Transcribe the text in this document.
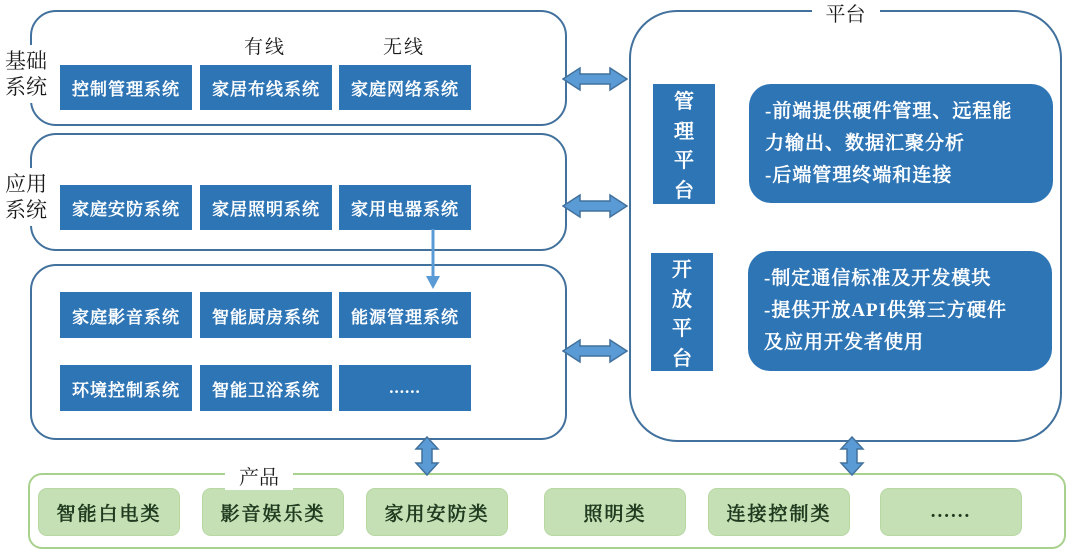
基础
系统
有线	无线
控制管理系统	家居布线系统	家庭网络系统
应用
系统	家庭安防系统	家居照明系统	家用电器系统
家庭影音系统	智能厨房系统	能源管理系统
环境控制系统	智能卫浴系统	......
平台
管
理
平
台
-前端提供硬件管理、远程能
力输出、数据汇聚分析
-后端管理终端和连接
开
放
平
台
-制定通信标准及开发模块
-提供开放API供第三方硬件
及应用开发者使用
产品
智能白电类	影音娱乐类	家用安防类	照明类	连接控制类	......
